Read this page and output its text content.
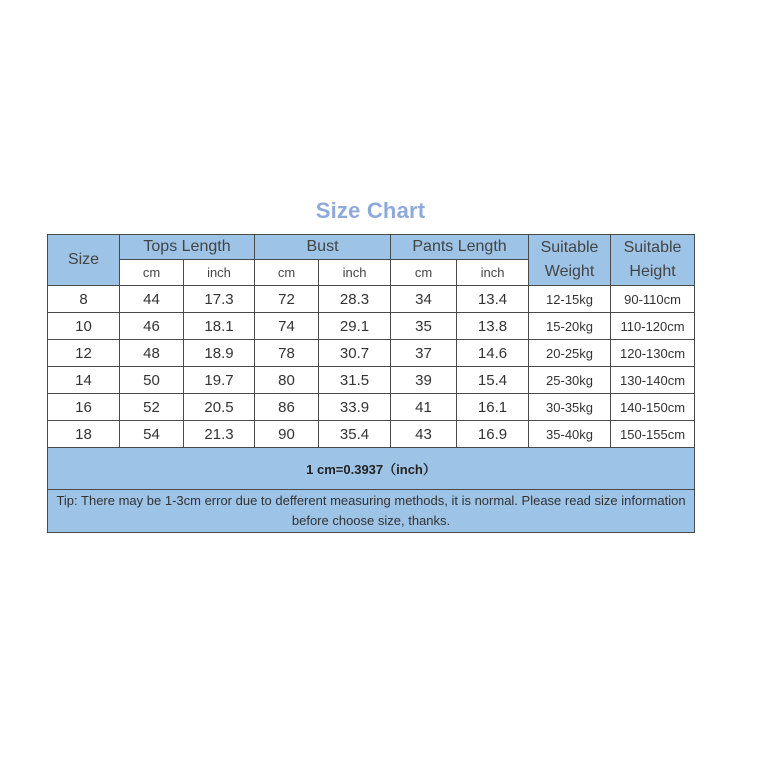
Size Chart
Size	Tops Length		Bust		Pants Length		Suitable Weight	Suitable Height
	cm	inch	cm	inch	cm	inch		
8	44	17.3	72	28.3	34	13.4	12-15kg	90-110cm
10	46	18.1	74	29.1	35	13.8	15-20kg	110-120cm
12	48	18.9	78	30.7	37	14.6	20-25kg	120-130cm
14	50	19.7	80	31.5	39	15.4	25-30kg	130-140cm
16	52	20.5	86	33.9	41	16.1	30-35kg	140-150cm
18	54	21.3	90	35.4	43	16.9	35-40kg	150-155cm
1 cm=0.3937（inch）								
Tip: There may be 1-3cm error due to defferent measuring methods, it is normal. Please read size information before choose size, thanks.								
